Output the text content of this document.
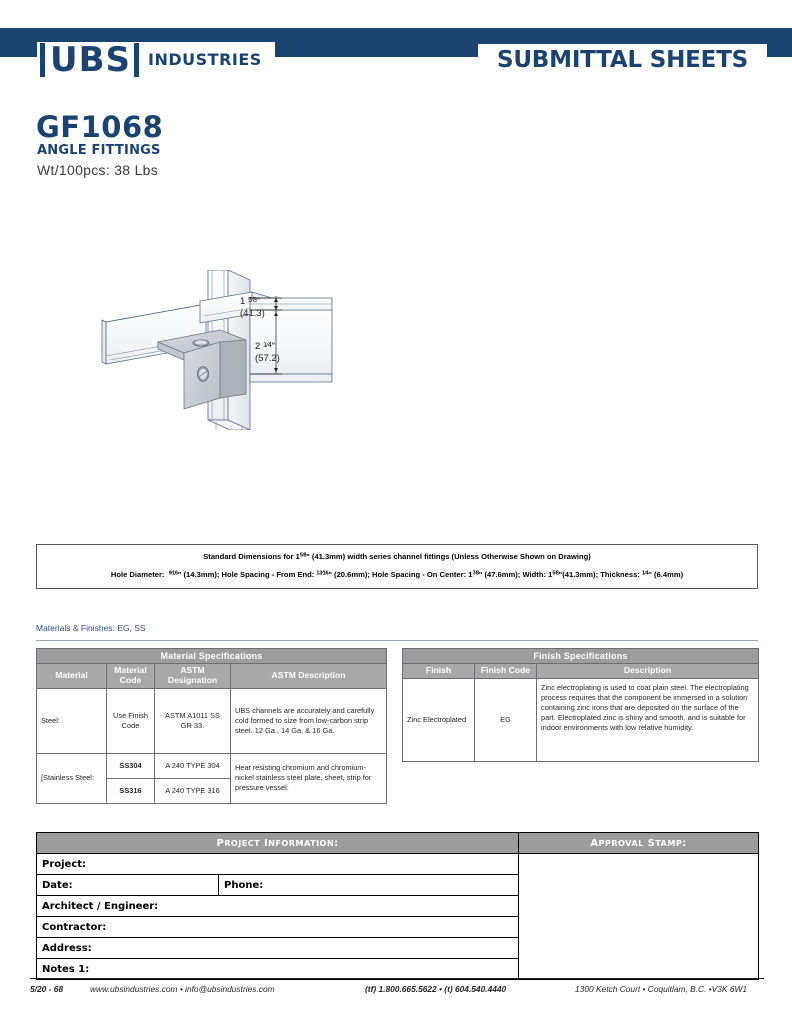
UBS INDUSTRIES	SUBMITTAL SHEETS
GF1068
ANGLE FITTINGS
Wt/100pcs: 38 Lbs
1 5⁄8"
(41.3)
2 1⁄4"
(57.2)
Standard Dimensions for $1^{5⁄8}$" (41.3mm) width series channel fittings (Unless Otherwise Shown on Drawing)
Hole Diameter:  $^{9⁄16}$" (14.3mm); Hole Spacing - From End: $^{13⁄16}$" (20.6mm); Hole Spacing - On Center: $1^{7⁄8}$" (47.6mm); Width: $1^{5⁄8}"(41.3mm)$; Thickness: $^{1⁄4}$" (6.4mm)
Materials & Finishes: EG, SS
Material Specifications			
Material	Material Code	ASTM Designation	ASTM Description
Steel:	Use Finish Code	ASTM A1011 SS GR 33.	UBS channels are accurately and carefully cold formed to size from low-carbon strip steel. 12 Ga., 14 Ga. & 16 Ga.
[Stainless Steel:	SS304	A 240 TYPE 304	Heat resisting chromium and chromium-nickel stainless steel plate, sheet, strip for pressure vessel.
	SS316	A 240 TYPE 316	
Finish Specifications		
Finish	Finish Code	Description
Zinc Electroplated	EG	Zinc electroplating is used to coat plain steel. The electroplating process requires that the component be immersed in a solution containing zinc irons that are deposited on the surface of the part. Electroplated zinc is shiny and smooth, and is suitable for indoor environments with low relative humidity.
PROJECT INFORMATION:		APPROVAL STAMP:
Project:		
Date:	Phone:	
Architect / Engineer:		
Contractor:		
Address:		
Notes 1:		
5/20 - 68	www.ubsindustries.com • info@ubsindustries.com	(tf) 1.800.665.5622 • (t) 604.540.4440	1300 Ketch Court • Coquitlam, B.C. •V3K 6W1
